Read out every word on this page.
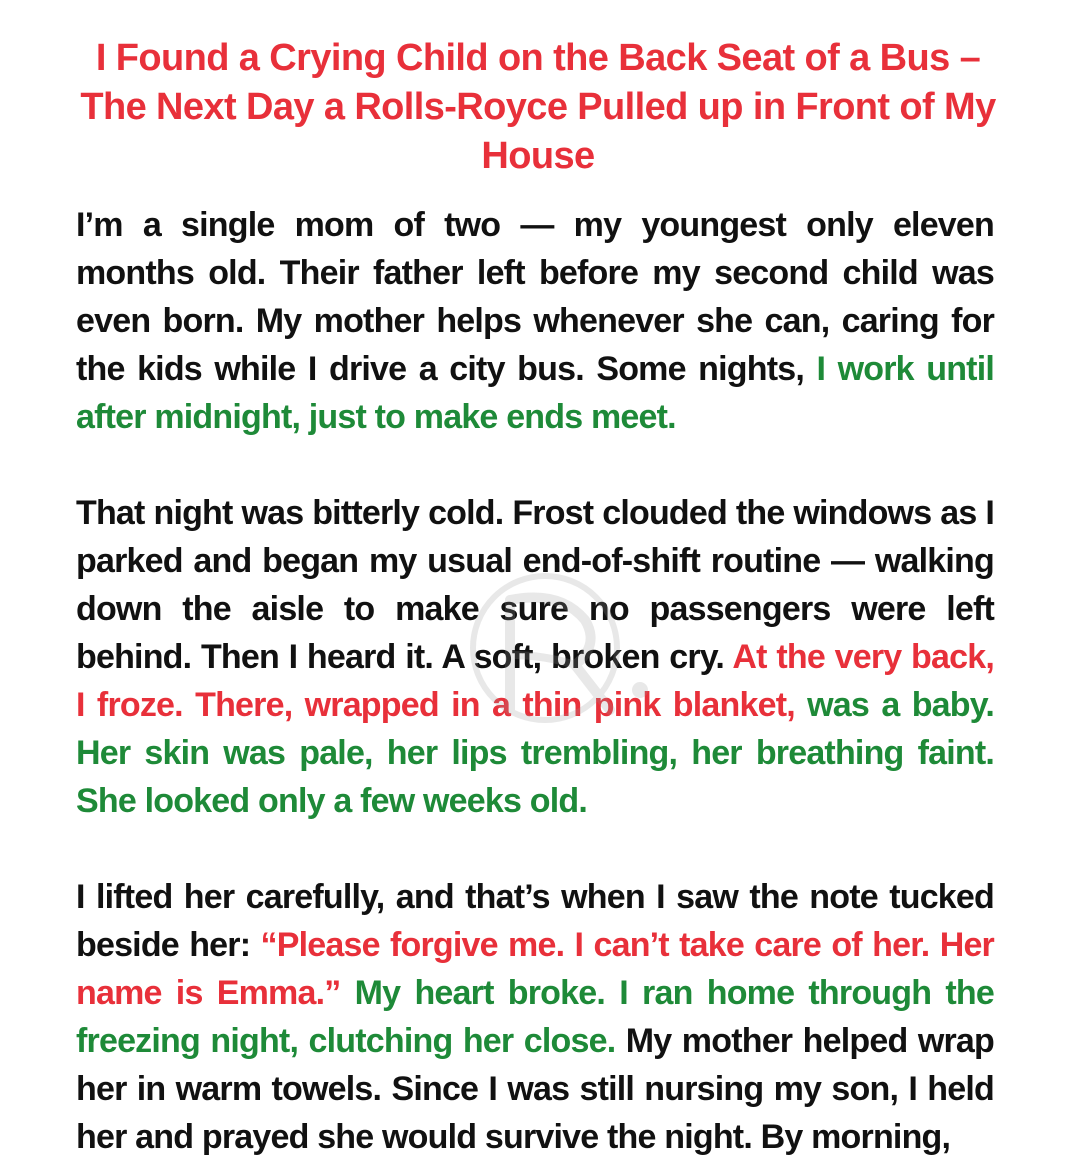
I Found a Crying Child on the Back Seat of a Bus – The Next Day a Rolls-Royce Pulled up in Front of My House

I’m a single mom of two — my youngest only eleven months old. Their father left before my second child was even born. My mother helps whenever she can, caring for the kids while I drive a city bus. Some nights, I work until after midnight, just to make ends meet.

That night was bitterly cold. Frost clouded the windows as I parked and began my usual end-of-shift routine — walking down the aisle to make sure no passengers were left behind. Then I heard it. A soft, broken cry. At the very back, I froze. There, wrapped in a thin pink blanket, was a baby. Her skin was pale, her lips trembling, her breathing faint. She looked only a few weeks old.

I lifted her carefully, and that’s when I saw the note tucked beside her: “Please forgive me. I can’t take care of her. Her name is Emma.” My heart broke. I ran home through the freezing night, clutching her close. My mother helped wrap her in warm towels. Since I was still nursing my son, I held her and prayed she would survive the night. By morning,
